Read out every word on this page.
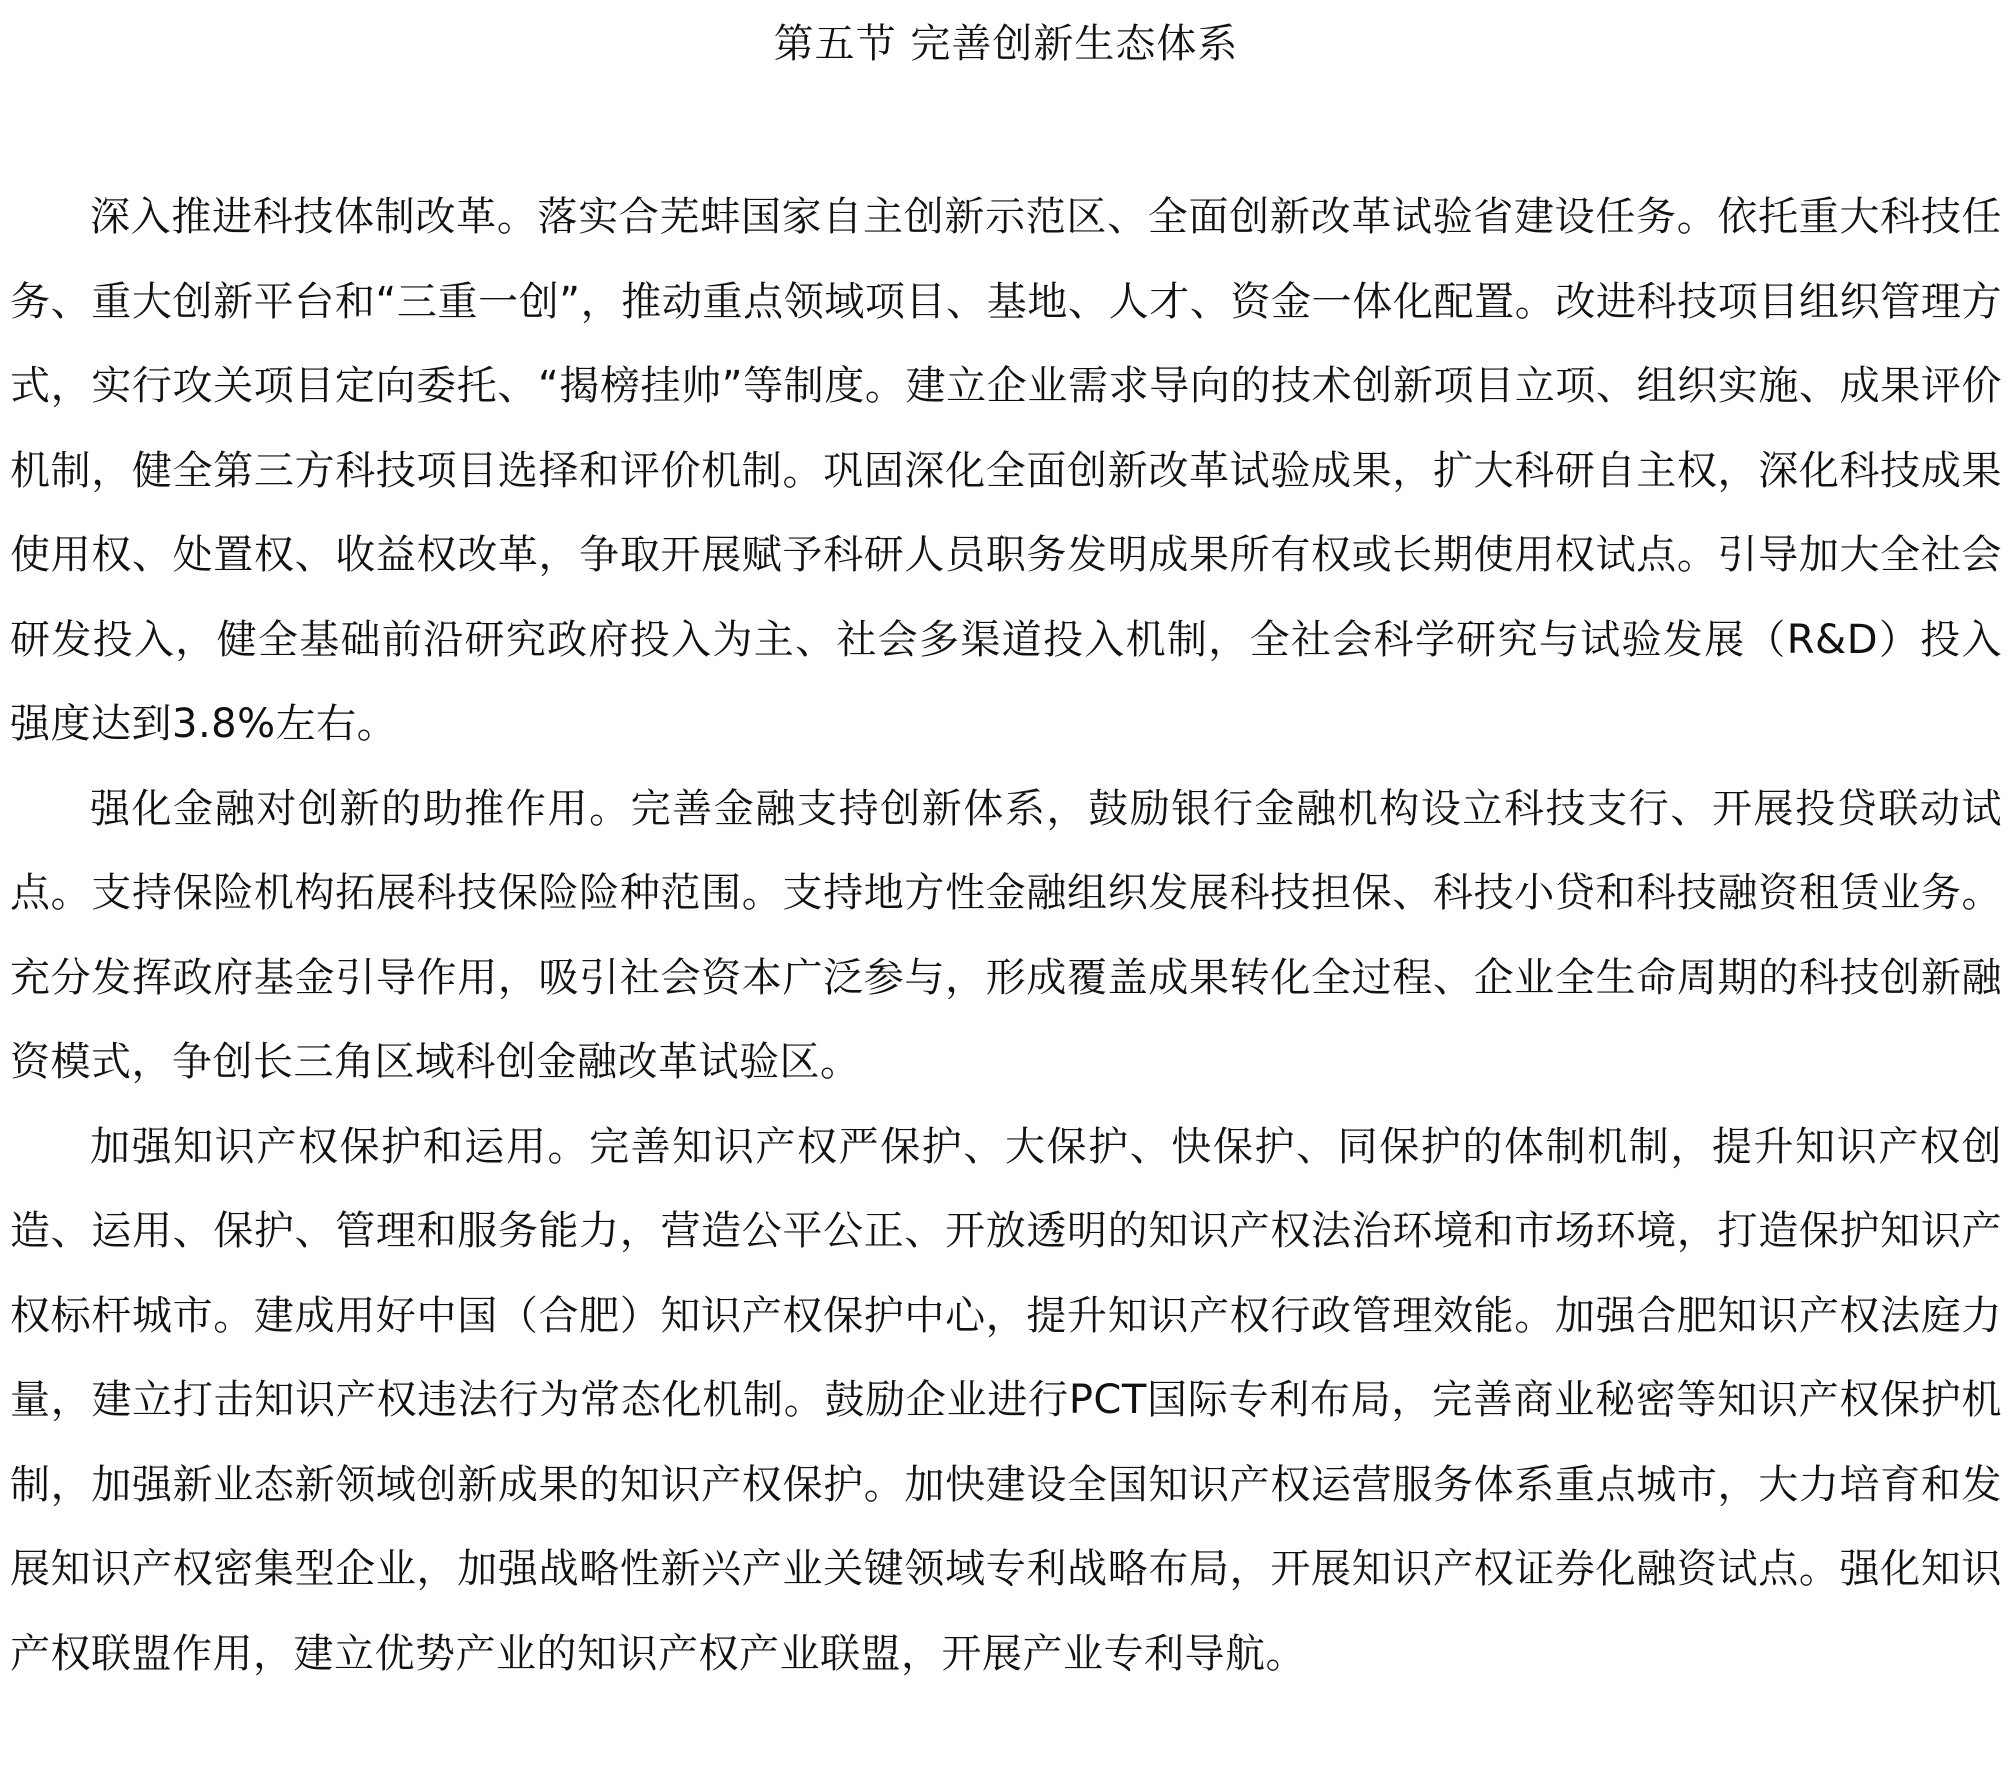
第五节 完善创新生态体系

深入推进科技体制改革。落实合芜蚌国家自主创新示范区、全面创新改革试验省建设任务。依托重大科技任务、重大创新平台和“三重一创”，推动重点领域项目、基地、人才、资金一体化配置。改进科技项目组织管理方式，实行攻关项目定向委托、“揭榜挂帅”等制度。建立企业需求导向的技术创新项目立项、组织实施、成果评价机制，健全第三方科技项目选择和评价机制。巩固深化全面创新改革试验成果，扩大科研自主权，深化科技成果使用权、处置权、收益权改革，争取开展赋予科研人员职务发明成果所有权或长期使用权试点。引导加大全社会研发投入，健全基础前沿研究政府投入为主、社会多渠道投入机制，全社会科学研究与试验发展（R&D）投入强度达到3.8%左右。

强化金融对创新的助推作用。完善金融支持创新体系，鼓励银行金融机构设立科技支行、开展投贷联动试点。支持保险机构拓展科技保险险种范围。支持地方性金融组织发展科技担保、科技小贷和科技融资租赁业务。充分发挥政府基金引导作用，吸引社会资本广泛参与，形成覆盖成果转化全过程、企业全生命周期的科技创新融资模式，争创长三角区域科创金融改革试验区。

加强知识产权保护和运用。完善知识产权严保护、大保护、快保护、同保护的体制机制，提升知识产权创造、运用、保护、管理和服务能力，营造公平公正、开放透明的知识产权法治环境和市场环境，打造保护知识产权标杆城市。建成用好中国（合肥）知识产权保护中心，提升知识产权行政管理效能。加强合肥知识产权法庭力量，建立打击知识产权违法行为常态化机制。鼓励企业进行PCT国际专利布局，完善商业秘密等知识产权保护机制，加强新业态新领域创新成果的知识产权保护。加快建设全国知识产权运营服务体系重点城市，大力培育和发展知识产权密集型企业，加强战略性新兴产业关键领域专利战略布局，开展知识产权证券化融资试点。强化知识产权联盟作用，建立优势产业的知识产权产业联盟，开展产业专利导航。
